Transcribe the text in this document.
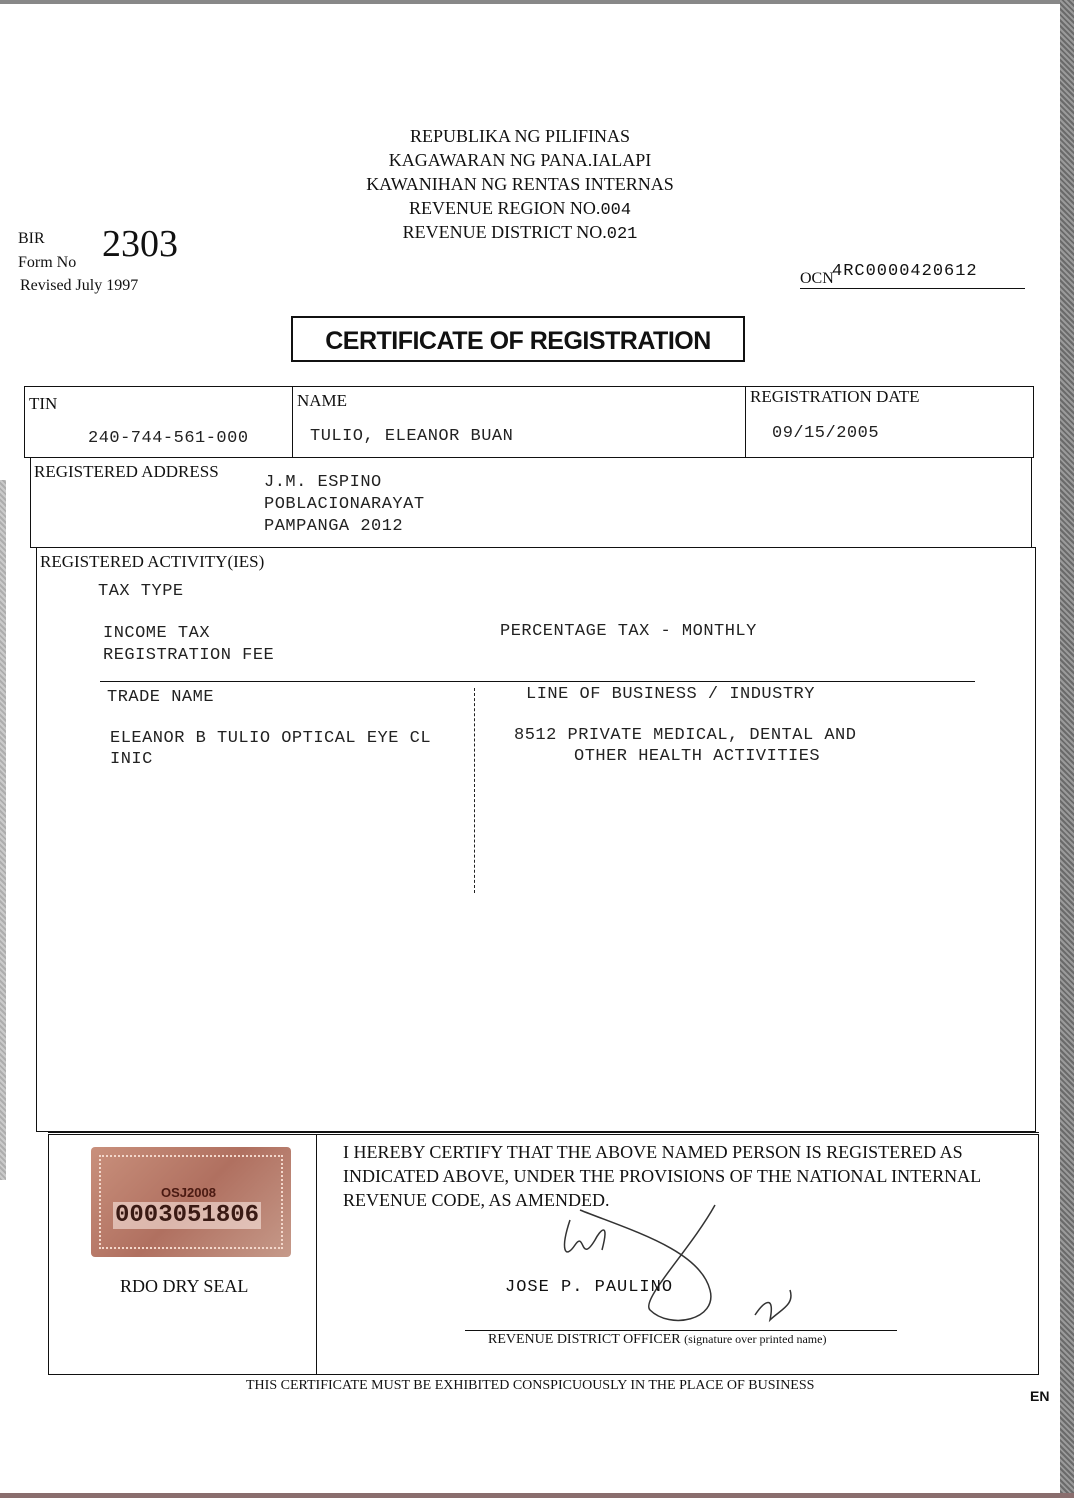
REPUBLIKA NG PILIFINAS
KAGAWARAN NG PANA.IALAPI
KAWANIHAN NG RENTAS INTERNAS
REVENUE REGION NO.004
REVENUE DISTRICT NO.021
BIR
Form No 2303
Revised July 1997	OCN
4RC0000420612
CERTIFICATE OF REGISTRATION
TIN
240-744-561-000
NAME
TULIO, ELEANOR BUAN
REGISTRATION DATE
09/15/2005
REGISTERED ADDRESS
J.M. ESPINO
POBLACIONARAYAT
PAMPANGA 2012
REGISTERED ACTIVITY(IES)
TAX TYPE
INCOME TAX
REGISTRATION FEE
PERCENTAGE TAX - MONTHLY
TRADE NAME	LINE OF BUSINESS / INDUSTRY
ELEANOR B TULIO OPTICAL EYE CL
INIC
8512 PRIVATE MEDICAL, DENTAL AND
OTHER HEALTH ACTIVITIES
OSJ2008
0003051806
RDO DRY SEAL
I HEREBY CERTIFY THAT THE ABOVE NAMED PERSON IS REGISTERED AS INDICATED ABOVE, UNDER THE PROVISIONS OF THE NATIONAL INTERNAL REVENUE CODE, AS AMENDED.
JOSE P. PAULINO
REVENUE DISTRICT OFFICER (signature over printed name)
THIS CERTIFICATE MUST BE EXHIBITED CONSPICUOUSLY IN THE PLACE OF BUSINESS
EN
